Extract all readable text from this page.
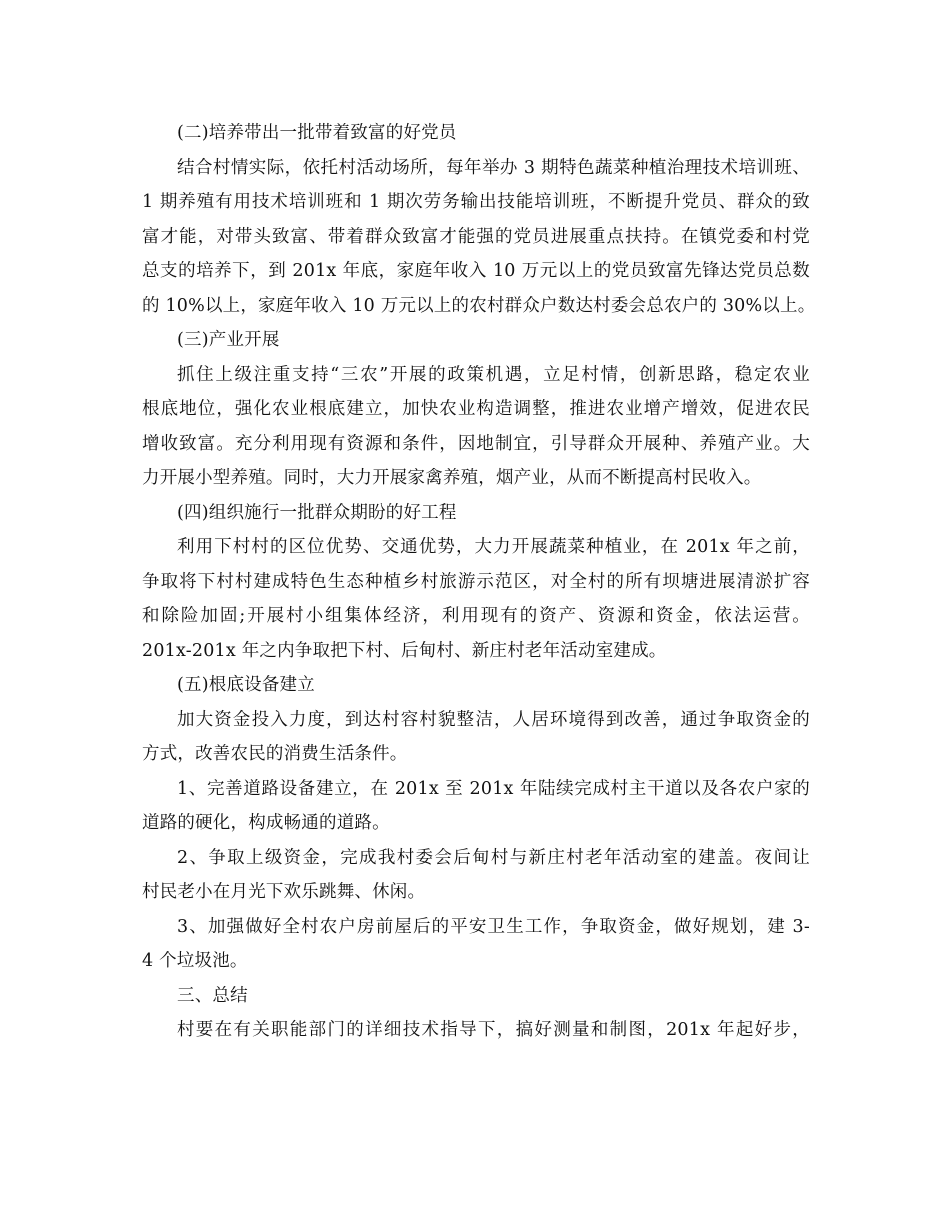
(二)培养带出一批带着致富的好党员
结合村情实际，依托村活动场所，每年举办 3 期特色蔬菜种植治理技术培训班、
1 期养殖有用技术培训班和 1 期次劳务输出技能培训班，不断提升党员、群众的致
富才能，对带头致富、带着群众致富才能强的党员进展重点扶持。在镇党委和村党
总支的培养下，到 201x 年底，家庭年收入 10 万元以上的党员致富先锋达党员总数
的 10%以上，家庭年收入 10 万元以上的农村群众户数达村委会总农户的 30%以上。
(三)产业开展
抓住上级注重支持“三农”开展的政策机遇，立足村情，创新思路，稳定农业
根底地位，强化农业根底建立，加快农业构造调整，推进农业增产增效，促进农民
增收致富。充分利用现有资源和条件，因地制宜，引导群众开展种、养殖产业。大
力开展小型养殖。同时，大力开展家禽养殖，烟产业，从而不断提高村民收入。
(四)组织施行一批群众期盼的好工程
利用下村村的区位优势、交通优势，大力开展蔬菜种植业，在 201x 年之前，
争取将下村村建成特色生态种植乡村旅游示范区，对全村的所有坝塘进展清淤扩容
和除险加固;开展村小组集体经济，利用现有的资产、资源和资金，依法运营。
201x-201x 年之内争取把下村、后甸村、新庄村老年活动室建成。
(五)根底设备建立
加大资金投入力度，到达村容村貌整洁，人居环境得到改善，通过争取资金的
方式，改善农民的消费生活条件。
1、完善道路设备建立，在 201x 至 201x 年陆续完成村主干道以及各农户家的
道路的硬化，构成畅通的道路。
2、争取上级资金，完成我村委会后甸村与新庄村老年活动室的建盖。夜间让
村民老小在月光下欢乐跳舞、休闲。
3、加强做好全村农户房前屋后的平安卫生工作，争取资金，做好规划，建 3-
4 个垃圾池。
三、总结
村要在有关职能部门的详细技术指导下，搞好测量和制图，201x 年起好步，
